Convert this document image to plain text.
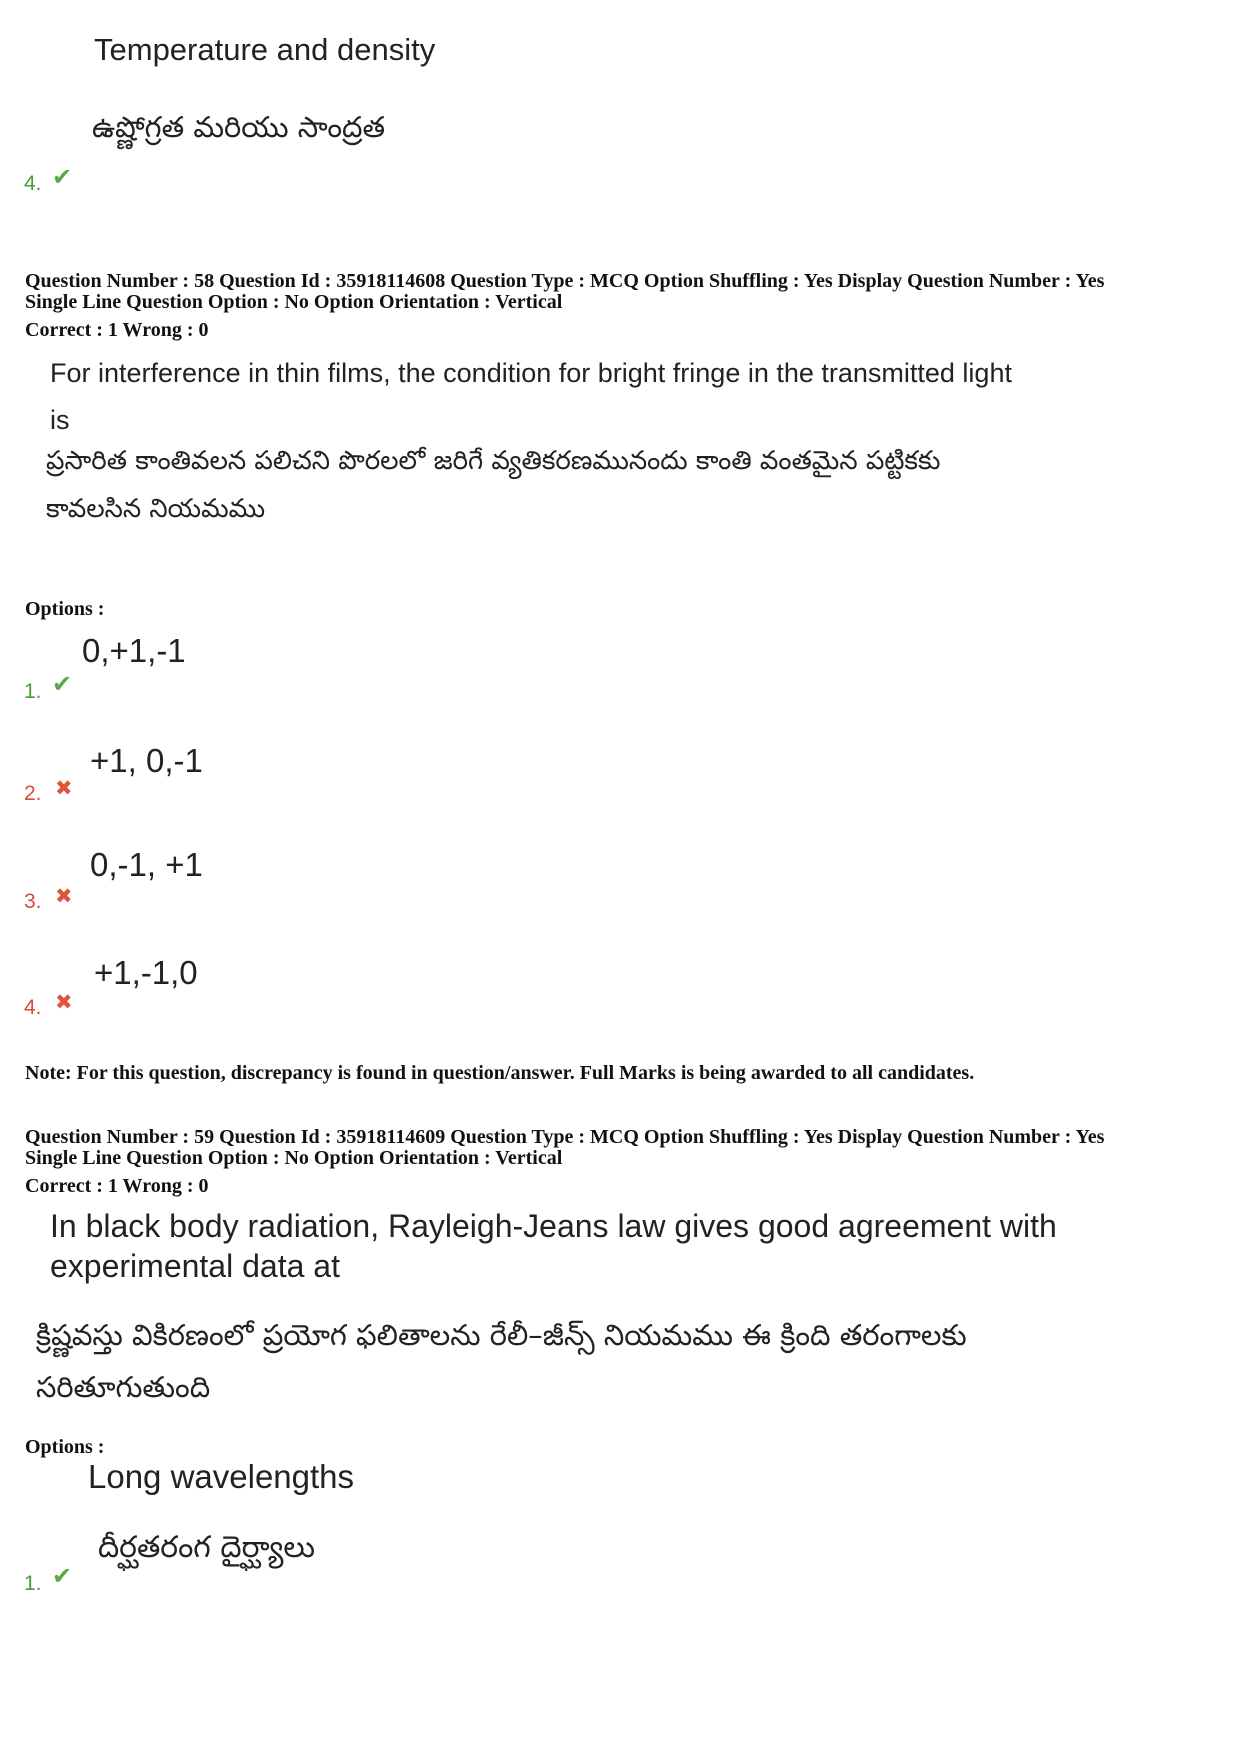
Temperature and density
ఉష్ణోగ్రత మరియు సాంద్రత
4. ✔
Question Number : 58 Question Id : 35918114608 Question Type : MCQ Option Shuffling : Yes Display Question Number : Yes
Single Line Question Option : No Option Orientation : Vertical
Correct : 1 Wrong : 0
For interference in thin films, the condition for bright fringe in the transmitted light
is
ప్రసారిత కాంతివలన పలిచని పొరలలో జరిగే వ్యతికరణమునందు కాంతి వంతమైన పట్టికకు
కావలసిన నియమము
Options :
0,+1,-1
1. ✔
+1, 0,-1
2. ✖
0,-1, +1
3. ✖
+1,-1,0
4. ✖
Note: For this question, discrepancy is found in question/answer. Full Marks is being awarded to all candidates.
Question Number : 59 Question Id : 35918114609 Question Type : MCQ Option Shuffling : Yes Display Question Number : Yes
Single Line Question Option : No Option Orientation : Vertical
Correct : 1 Wrong : 0
In black body radiation, Rayleigh-Jeans law gives good agreement with
experimental data at
క్రిష్ణవస్తు వికిరణంలో ప్రయోగ ఫలితాలను రేలీ–జీన్స్ నియమము ఈ క్రింది తరంగాలకు
సరితూగుతుంది
Options :
Long wavelengths
దీర్ఘతరంగ దైర్ఘ్యాలు
1. ✔
